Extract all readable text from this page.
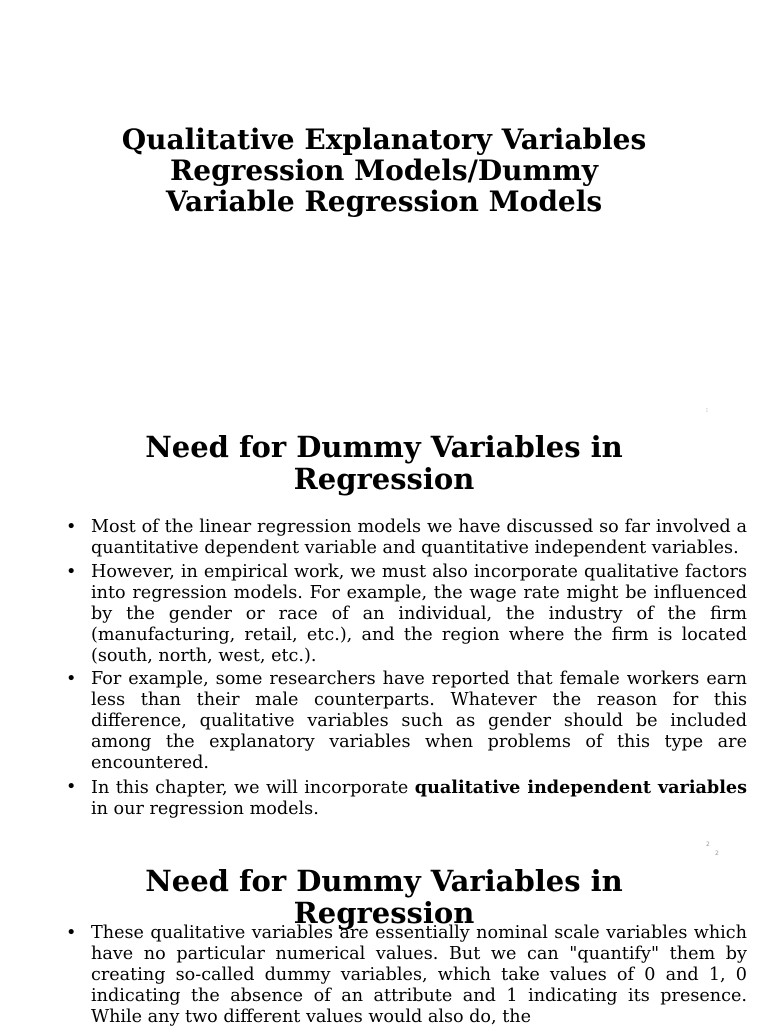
Qualitative Explanatory Variables
Regression Models/Dummy
Variable Regression Models
⁝
Need for Dummy Variables in
Regression
• Most of the linear regression models we have discussed so far involved a quantitative dependent variable and quantitative independent variables.
• However, in empirical work, we must also incorporate qualitative factors into regression models. For example, the wage rate might be influenced by the gender or race of an individual, the industry of the firm (manufacturing, retail, etc.), and the region where the firm is located (south, north, west, etc.).
• For example, some researchers have reported that female workers earn less than their male counterparts. Whatever the reason for this difference, qualitative variables such as gender should be included among the explanatory variables when problems of this type are encountered.
• In this chapter, we will incorporate qualitative independent variables in our regression models.
2
2
Need for Dummy Variables in
Regression
• These qualitative variables are essentially nominal scale variables which have no particular numerical values. But we can "quantify" them by creating so-called dummy variables, which take values of 0 and 1, 0 indicating the absence of an attribute and 1 indicating its presence. While any two different values would also do, the
